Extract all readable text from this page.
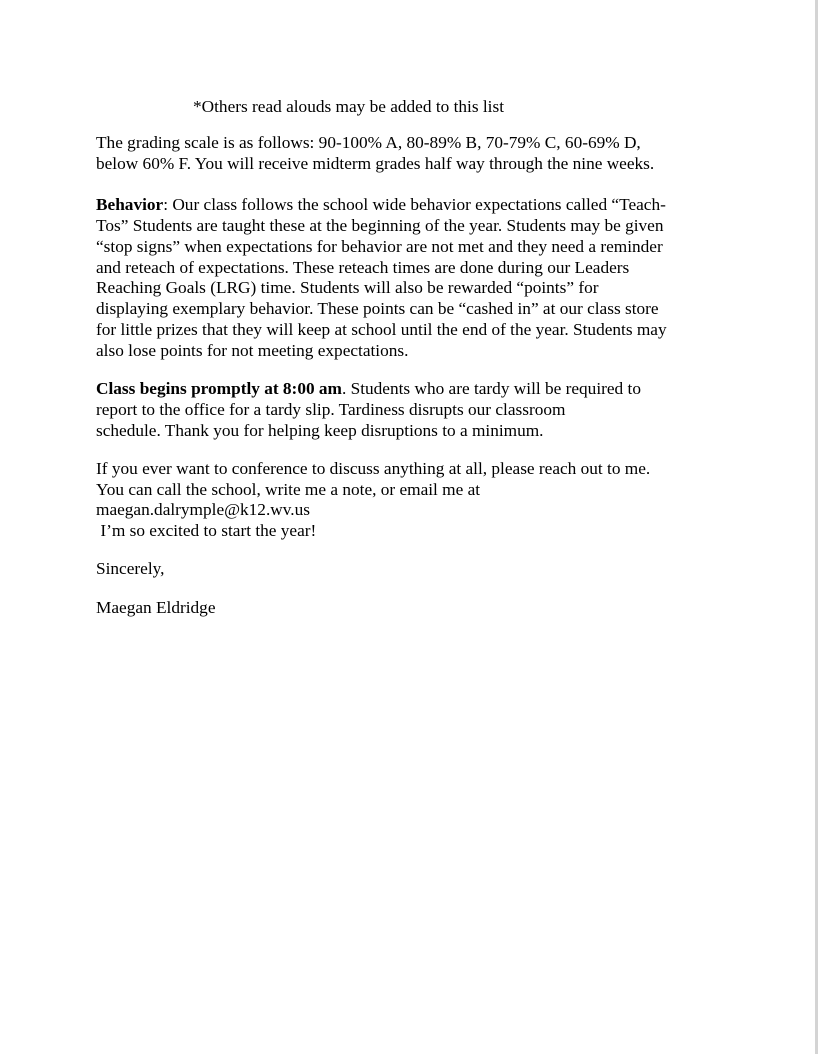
*Others read alouds may be added to this list
The grading scale is as follows: 90-100% A, 80-89% B, 70-79% C, 60-69% D,
below 60% F. You will receive midterm grades half way through the nine weeks.
Behavior: Our class follows the school wide behavior expectations called “Teach-
Tos” Students are taught these at the beginning of the year. Students may be given
“stop signs” when expectations for behavior are not met and they need a reminder
and reteach of expectations. These reteach times are done during our Leaders
Reaching Goals (LRG) time. Students will also be rewarded “points” for
displaying exemplary behavior. These points can be “cashed in” at our class store
for little prizes that they will keep at school until the end of the year. Students may
also lose points for not meeting expectations.
Class begins promptly at 8:00 am. Students who are tardy will be required to
report to the office for a tardy slip. Tardiness disrupts our classroom
schedule. Thank you for helping keep disruptions to a minimum.
If you ever want to conference to discuss anything at all, please reach out to me.
You can call the school, write me a note, or email me at
maegan.dalrymple@k12.wv.us
I’m so excited to start the year!
Sincerely,
Maegan Eldridge
